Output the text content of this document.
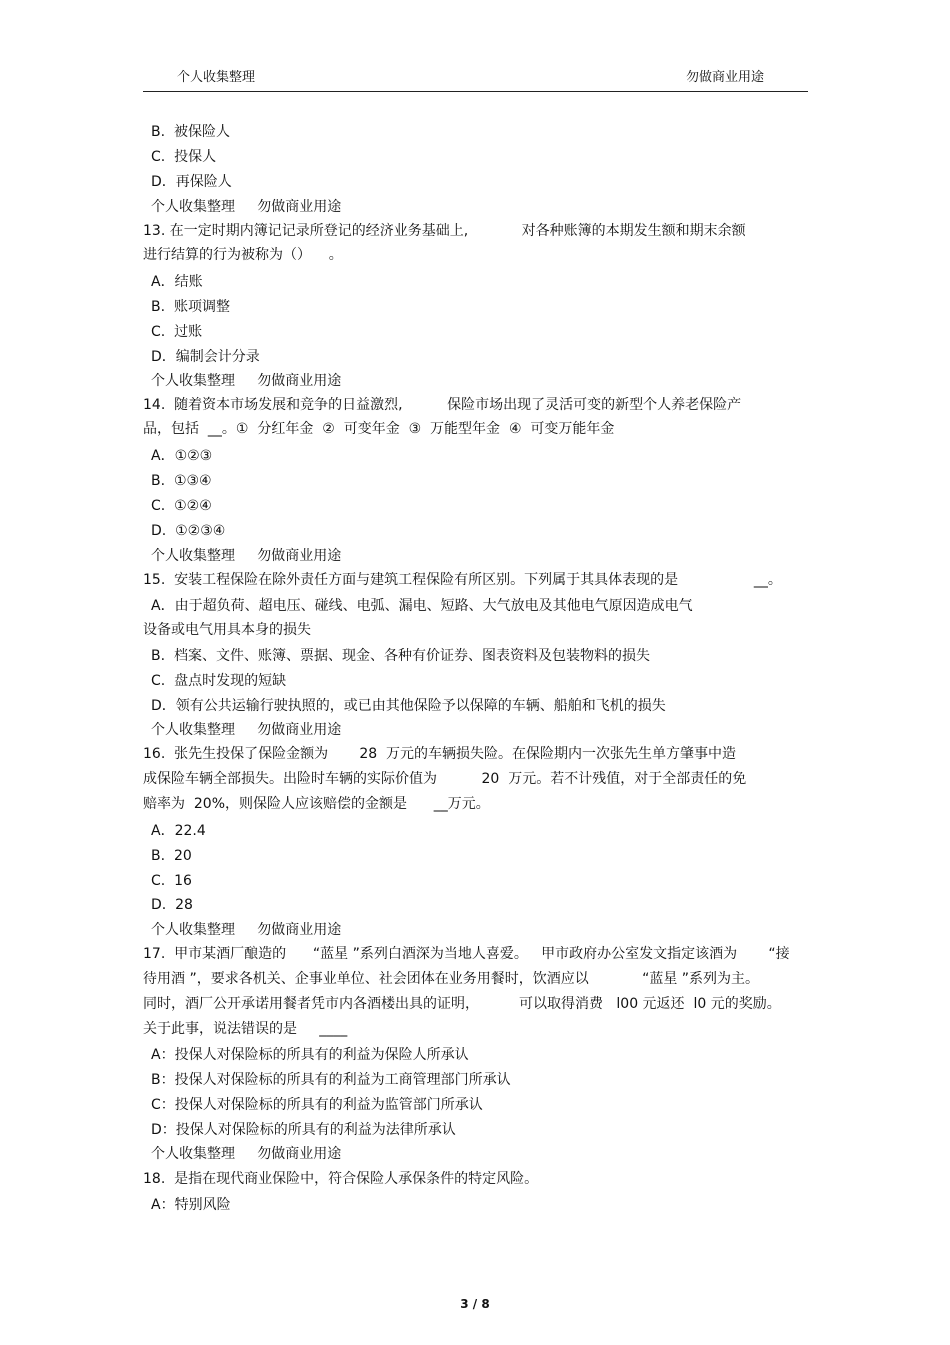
个人收集整理	勿做商业用途
B.  被保险人
C.  投保人
D．再保险人
个人收集整理     勿做商业用途
13. 在一定时期内簿记记录所登记的经济业务基础上,            对各种账簿的本期发生额和期末余额
进行结算的行为被称为（）    。
A．结账
B.  账项调整
C.  过账
D．编制会计分录
个人收集整理     勿做商业用途
14.  随着资本市场发展和竞争的日益激烈,          保险市场出现了灵活可变的新型个人养老保险产
品，包括  __。①  分红年金  ②  可变年金  ③  万能型年金  ④  可变万能年金
A．①②③
B.  ①③④
C.  ①②④
D.  ①②③④
个人收集整理     勿做商业用途
15.  安装工程保险在除外责任方面与建筑工程保险有所区别。下列属于其具体表现的是                 __。
A．由于超负荷、超电压、碰线、电弧、漏电、短路、大气放电及其他电气原因造成电气
设备或电气用具本身的损失
B.  档案、文件、账簿、票据、现金、各种有价证券、图表资料及包装物料的损失
C.  盘点时发现的短缺
D．领有公共运输行驶执照的，或已由其他保险予以保障的车辆、船舶和飞机的损失
个人收集整理     勿做商业用途
16.  张先生投保了保险金额为       28  万元的车辆损失险。在保险期内一次张先生单方肇事中造
成保险车辆全部损失。出险时车辆的实际价值为          20  万元。若不计残值，对于全部责任的免
赔率为  20%，则保险人应该赔偿的金额是      __万元。
A．22.4
B.  20
C.  16
D.  28
个人收集整理     勿做商业用途
17.  甲市某酒厂酿造的      “蓝星 ”系列白酒深为当地人喜爱。   甲市政府办公室发文指定该酒为       “接
待用酒 ”，要求各机关、企事业单位、社会团体在业务用餐时，饮酒应以            “蓝星 ”系列为主。
同时，酒厂公开承诺用餐者凭市内各酒楼出具的证明，         可以取得消费   l00 元返还  l0 元的奖励。
关于此事，说法错误的是     ____
A：投保人对保险标的所具有的利益为保险人所承认
B：投保人对保险标的所具有的利益为工商管理部门所承认
C：投保人对保险标的所具有的利益为监管部门所承认
D：投保人对保险标的所具有的利益为法律所承认
个人收集整理     勿做商业用途
18.  是指在现代商业保险中，符合保险人承保条件的特定风险。
A：特别风险
3 / 8
